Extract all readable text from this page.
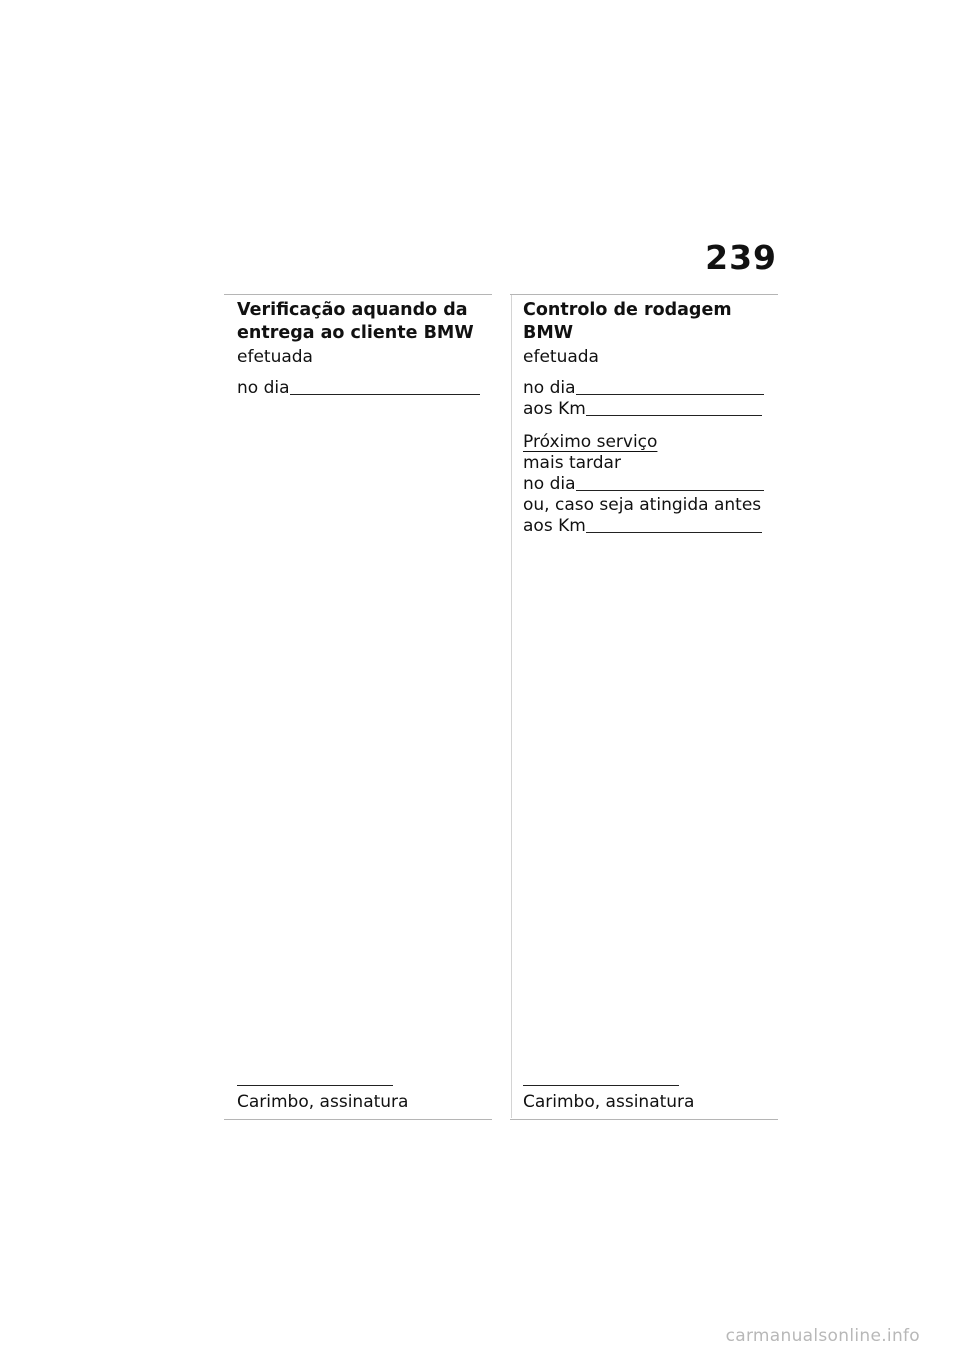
239
Verificação aquando da entrega ao cliente BMW
efetuada
no dia
Carimbo, assinatura
Controlo de rodagem BMW
efetuada
no dia
aos Km
Próximo serviço
mais tardar
no dia
ou, caso seja atingida antes
aos Km
Carimbo, assinatura
carmanualsonline.info
